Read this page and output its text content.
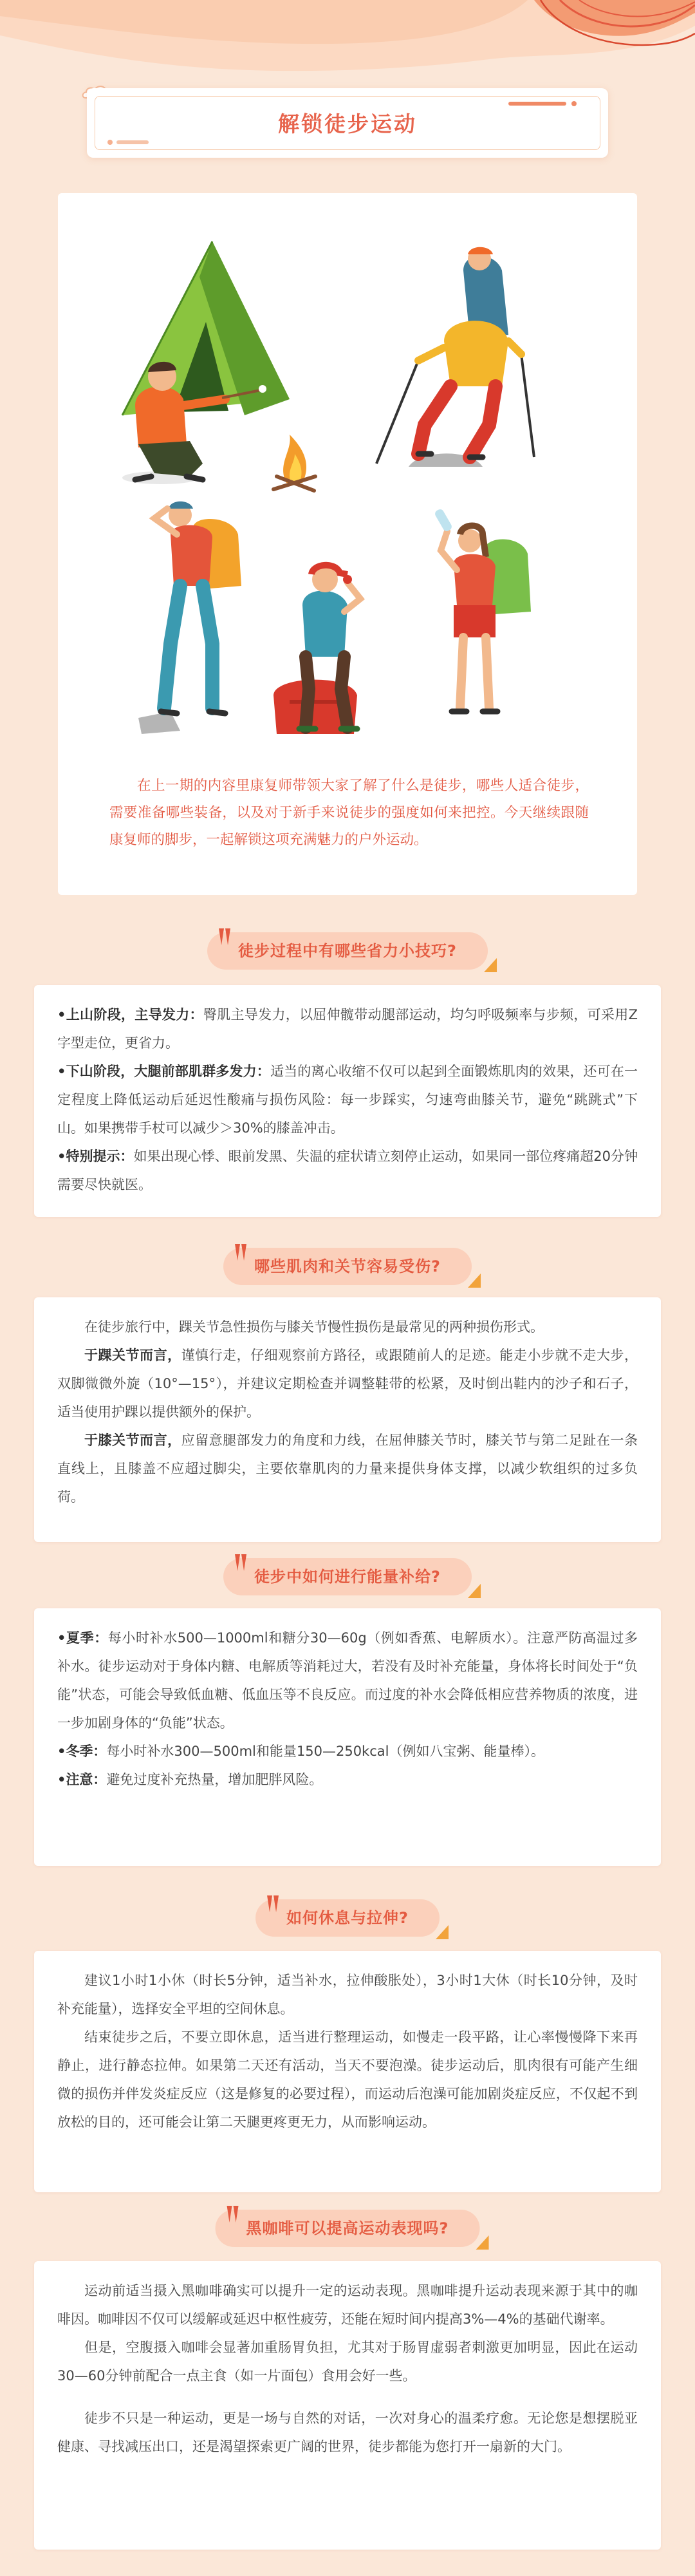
解锁徒步运动
在上一期的内容里康复师带领大家了解了什么是徒步，哪些人适合徒步，需要准备哪些装备，以及对于新手来说徒步的强度如何来把控。今天继续跟随康复师的脚步，一起解锁这项充满魅力的户外运动。
徒步过程中有哪些省力小技巧?

•上山阶段，主导发力：臀肌主导发力，以屈伸髋带动腿部运动，均匀呼吸频率与步频，可采用Z字型走位，更省力。

•下山阶段，大腿前部肌群多发力：适当的离心收缩不仅可以起到全面锻炼肌肉的效果，还可在一定程度上降低运动后延迟性酸痛与损伤风险：每一步踩实，匀速弯曲膝关节，避免“跳跳式”下山。如果携带手杖可以减少＞30%的膝盖冲击。

•特别提示：如果出现心悸、眼前发黑、失温的症状请立刻停止运动，如果同一部位疼痛超20分钟需要尽快就医。

哪些肌肉和关节容易受伤?

在徒步旅行中，踝关节急性损伤与膝关节慢性损伤是最常见的两种损伤形式。

于踝关节而言，谨慎行走，仔细观察前方路径，或跟随前人的足迹。能走小步就不走大步，双脚微微外旋（10°—15°），并建议定期检查并调整鞋带的松紧，及时倒出鞋内的沙子和石子，适当使用护踝以提供额外的保护。

于膝关节而言，应留意腿部发力的角度和力线，在屈伸膝关节时，膝关节与第二足趾在一条直线上，且膝盖不应超过脚尖，主要依靠肌肉的力量来提供身体支撑，以减少软组织的过多负荷。

徒步中如何进行能量补给?

•夏季：每小时补水500—1000ml和糖分30—60g（例如香蕉、电解质水）。注意严防高温过多补水。徒步运动对于身体内糖、电解质等消耗过大，若没有及时补充能量，身体将长时间处于“负能”状态，可能会导致低血糖、低血压等不良反应。而过度的补水会降低相应营养物质的浓度，进一步加剧身体的“负能”状态。

•冬季：每小时补水300—500ml和能量150—250kcal（例如八宝粥、能量棒）。

•注意：避免过度补充热量，增加肥胖风险。

如何休息与拉伸?

建议1小时1小休（时长5分钟，适当补水，拉伸酸胀处），3小时1大休（时长10分钟，及时补充能量），选择安全平坦的空间休息。

结束徒步之后，不要立即休息，适当进行整理运动，如慢走一段平路，让心率慢慢降下来再静止，进行静态拉伸。如果第二天还有活动，当天不要泡澡。徒步运动后，肌肉很有可能产生细微的损伤并伴发炎症反应（这是修复的必要过程），而运动后泡澡可能加剧炎症反应，不仅起不到放松的目的，还可能会让第二天腿更疼更无力，从而影响运动。

黑咖啡可以提高运动表现吗?

运动前适当摄入黑咖啡确实可以提升一定的运动表现。黑咖啡提升运动表现来源于其中的咖啡因。咖啡因不仅可以缓解或延迟中枢性疲劳，还能在短时间内提高3%—4%的基础代谢率。

但是，空腹摄入咖啡会显著加重肠胃负担，尤其对于肠胃虚弱者刺激更加明显，因此在运动30—60分钟前配合一点主食（如一片面包）食用会好一些。

徒步不只是一种运动，更是一场与自然的对话，一次对身心的温柔疗愈。无论您是想摆脱亚健康、寻找减压出口，还是渴望探索更广阔的世界，徒步都能为您打开一扇新的大门。
